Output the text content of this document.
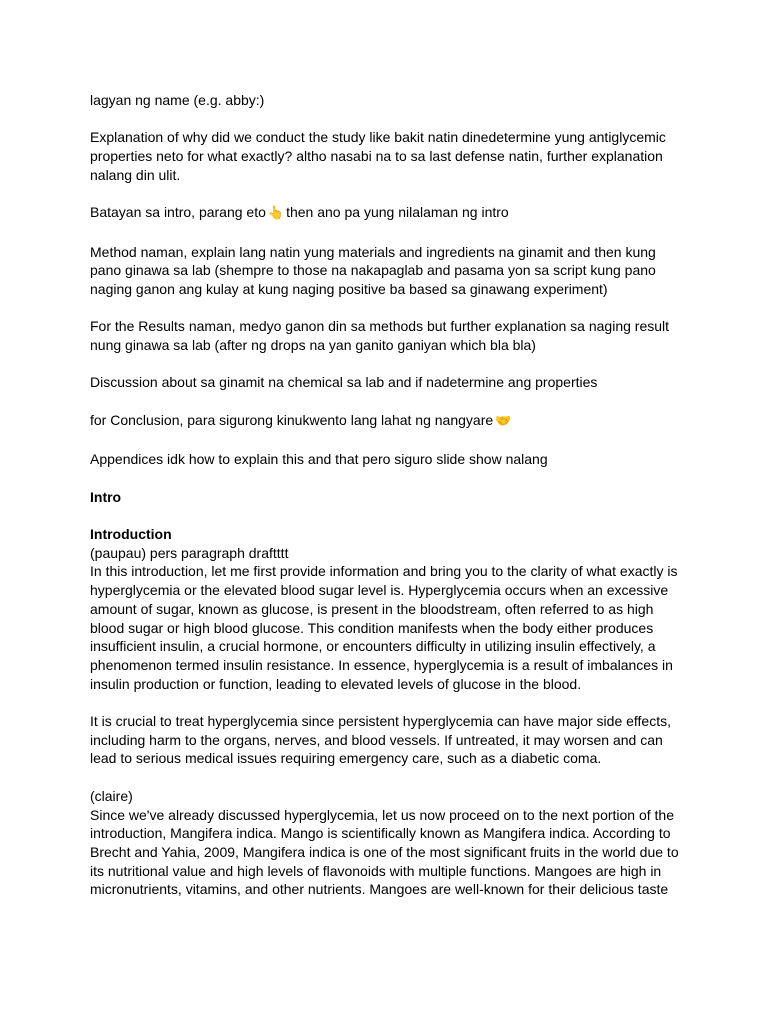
lagyan ng name (e.g. abby:)

Explanation of why did we conduct the study like bakit natin dinedetermine yung antiglycemic properties neto for what exactly? altho nasabi na to sa last defense natin, further explanation nalang din ulit.

Batayan sa intro, parang eto 👆 then ano pa yung nilalaman ng intro

Method naman, explain lang natin yung materials and ingredients na ginamit and then kung pano ginawa sa lab (shempre to those na nakapaglab and pasama yon sa script kung pano naging ganon ang kulay at kung naging positive ba based sa ginawang experiment)

For the Results naman, medyo ganon din sa methods but further explanation sa naging result nung ginawa sa lab (after ng drops na yan ganito ganiyan which bla bla)

Discussion about sa ginamit na chemical sa lab and if nadetermine ang properties

for Conclusion, para sigurong kinukwento lang lahat ng nangyare 🤝

Appendices idk how to explain this and that pero siguro slide show nalang

Intro

Introduction

(paupau) pers paragraph draftttt

In this introduction, let me first provide information and bring you to the clarity of what exactly is hyperglycemia or the elevated blood sugar level is. Hyperglycemia occurs when an excessive amount of sugar, known as glucose, is present in the bloodstream, often referred to as high blood sugar or high blood glucose. This condition manifests when the body either produces insufficient insulin, a crucial hormone, or encounters difficulty in utilizing insulin effectively, a phenomenon termed insulin resistance. In essence, hyperglycemia is a result of imbalances in insulin production or function, leading to elevated levels of glucose in the blood.

It is crucial to treat hyperglycemia since persistent hyperglycemia can have major side effects, including harm to the organs, nerves, and blood vessels. If untreated, it may worsen and can lead to serious medical issues requiring emergency care, such as a diabetic coma.

(claire)

Since we've already discussed hyperglycemia, let us now proceed on to the next portion of the introduction, Mangifera indica. Mango is scientifically known as Mangifera indica. According to Brecht and Yahia, 2009, Mangifera indica is one of the most significant fruits in the world due to its nutritional value and high levels of flavonoids with multiple functions. Mangoes are high in micronutrients, vitamins, and other nutrients. Mangoes are well-known for their delicious taste
